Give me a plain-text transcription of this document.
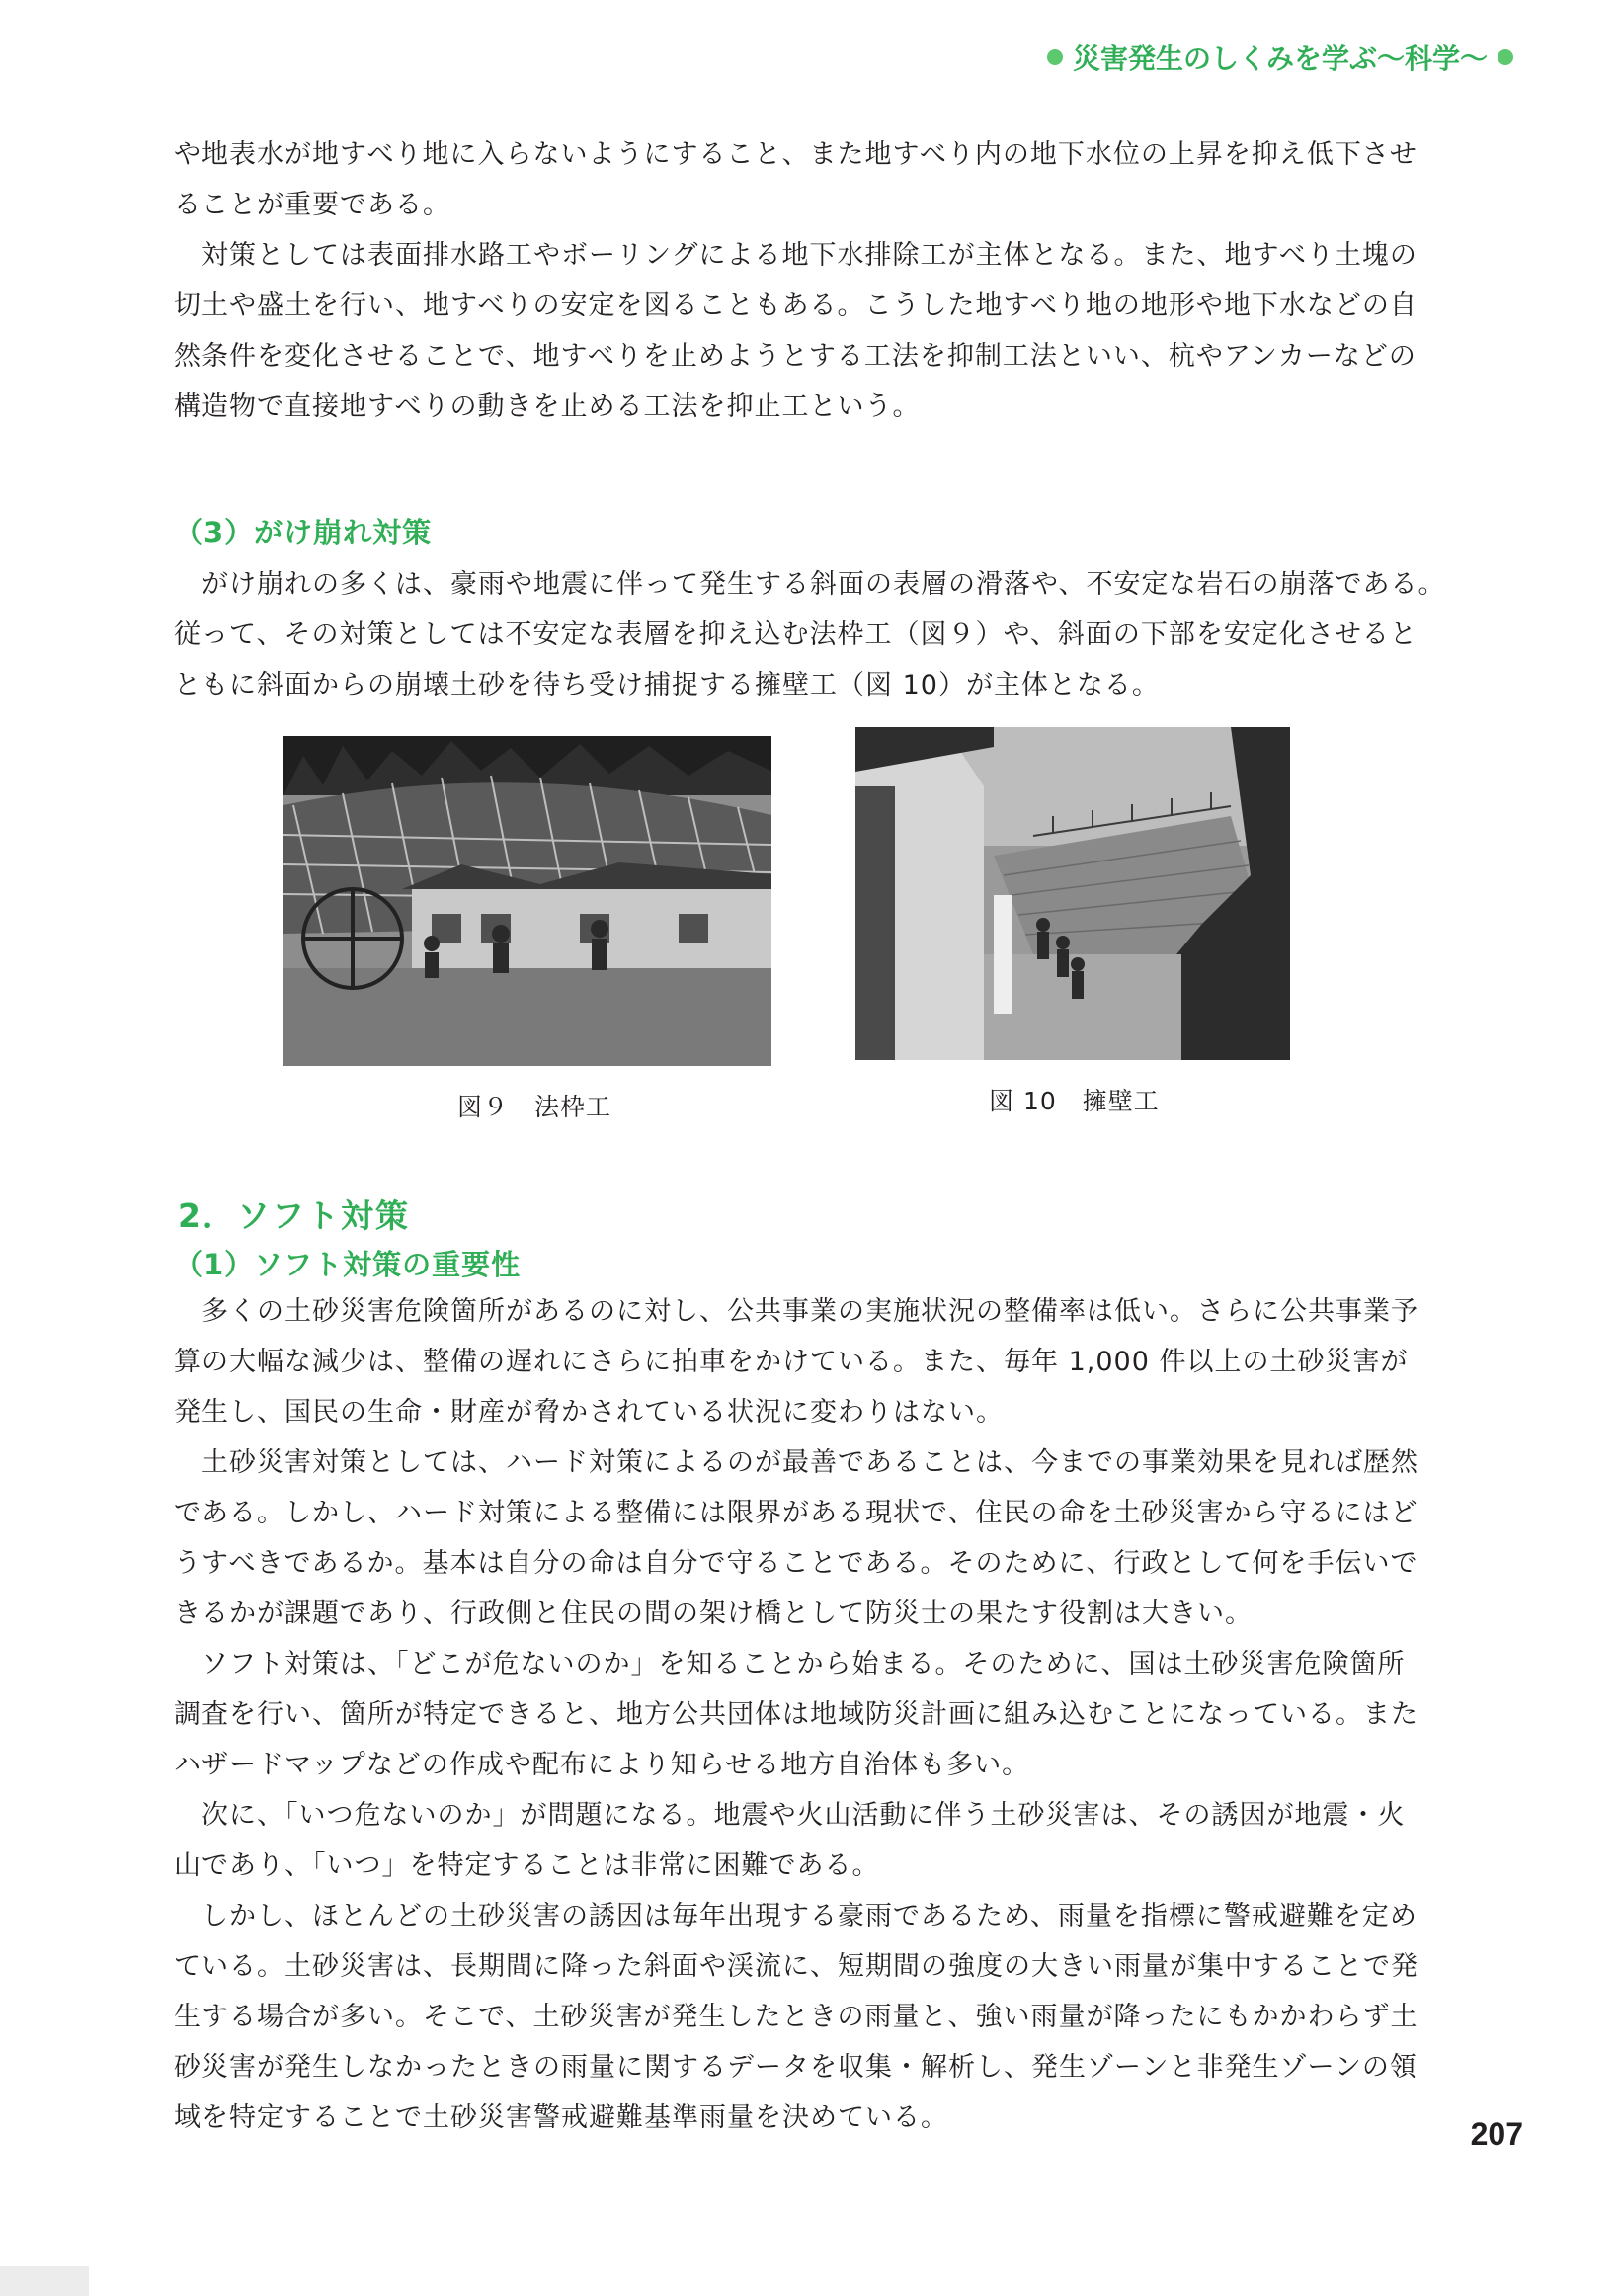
災害発生のしくみを学ぶ〜科学〜
や地表水が地すべり地に入らないようにすること、また地すべり内の地下水位の上昇を抑え低下させ
ることが重要である。
　対策としては表面排水路工やボーリングによる地下水排除工が主体となる。また、地すべり土塊の
切土や盛土を行い、地すべりの安定を図ることもある。こうした地すべり地の地形や地下水などの自
然条件を変化させることで、地すべりを止めようとする工法を抑制工法といい、杭やアンカーなどの
構造物で直接地すべりの動きを止める工法を抑止工という。
（3）がけ崩れ対策
　がけ崩れの多くは、豪雨や地震に伴って発生する斜面の表層の滑落や、不安定な岩石の崩落である。
従って、その対策としては不安定な表層を抑え込む法枠工（図９）や、斜面の下部を安定化させると
ともに斜面からの崩壊土砂を待ち受け捕捉する擁壁工（図 10）が主体となる。
図９　法枠工	図 10　擁壁工
2．ソフト対策
（1）ソフト対策の重要性
　多くの土砂災害危険箇所があるのに対し、公共事業の実施状況の整備率は低い。さらに公共事業予
算の大幅な減少は、整備の遅れにさらに拍車をかけている。また、毎年 1,000 件以上の土砂災害が
発生し、国民の生命・財産が脅かされている状況に変わりはない。
　土砂災害対策としては、ハード対策によるのが最善であることは、今までの事業効果を見れば歴然
である。しかし、ハード対策による整備には限界がある現状で、住民の命を土砂災害から守るにはど
うすべきであるか。基本は自分の命は自分で守ることである。そのために、行政として何を手伝いで
きるかが課題であり、行政側と住民の間の架け橋として防災士の果たす役割は大きい。
　ソフト対策は、「どこが危ないのか」を知ることから始まる。そのために、国は土砂災害危険箇所
調査を行い、箇所が特定できると、地方公共団体は地域防災計画に組み込むことになっている。また
ハザードマップなどの作成や配布により知らせる地方自治体も多い。
　次に、「いつ危ないのか」が問題になる。地震や火山活動に伴う土砂災害は、その誘因が地震・火
山であり、「いつ」を特定することは非常に困難である。
　しかし、ほとんどの土砂災害の誘因は毎年出現する豪雨であるため、雨量を指標に警戒避難を定め
ている。土砂災害は、長期間に降った斜面や渓流に、短期間の強度の大きい雨量が集中することで発
生する場合が多い。そこで、土砂災害が発生したときの雨量と、強い雨量が降ったにもかかわらず土
砂災害が発生しなかったときの雨量に関するデータを収集・解析し、発生ゾーンと非発生ゾーンの領
域を特定することで土砂災害警戒避難基準雨量を決めている。	207
